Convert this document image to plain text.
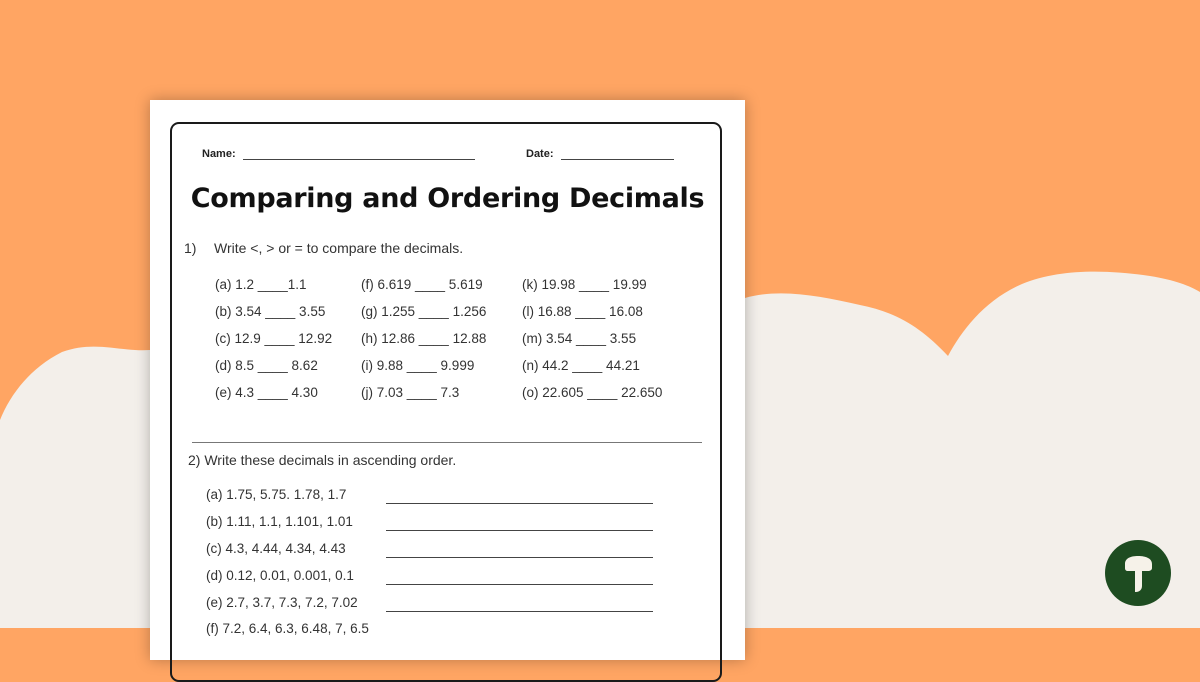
Name:	Date:
Comparing and Ordering Decimals
1) Write <, > or = to compare the decimals.
(a) 1.2 ____1.1
(b) 3.54 ____ 3.55
(c) 12.9 ____ 12.92
(d) 8.5 ____ 8.62
(e) 4.3 ____ 4.30
(f) 6.619 ____ 5.619
(g) 1.255 ____ 1.256
(h) 12.86 ____ 12.88
(i) 9.88 ____ 9.999
(j) 7.03 ____ 7.3
(k) 19.98 ____ 19.99
(l) 16.88 ____ 16.08
(m) 3.54 ____ 3.55
(n) 44.2 ____ 44.21
(o) 22.605 ____ 22.650
2) Write these decimals in ascending order.
(a) 1.75, 5.75. 1.78, 1.7
(b) 1.11, 1.1, 1.101, 1.01
(c) 4.3, 4.44, 4.34, 4.43
(d) 0.12, 0.01, 0.001, 0.1
(e) 2.7, 3.7, 7.3, 7.2, 7.02
(f) 7.2, 6.4, 6.3, 6.48, 7, 6.5
